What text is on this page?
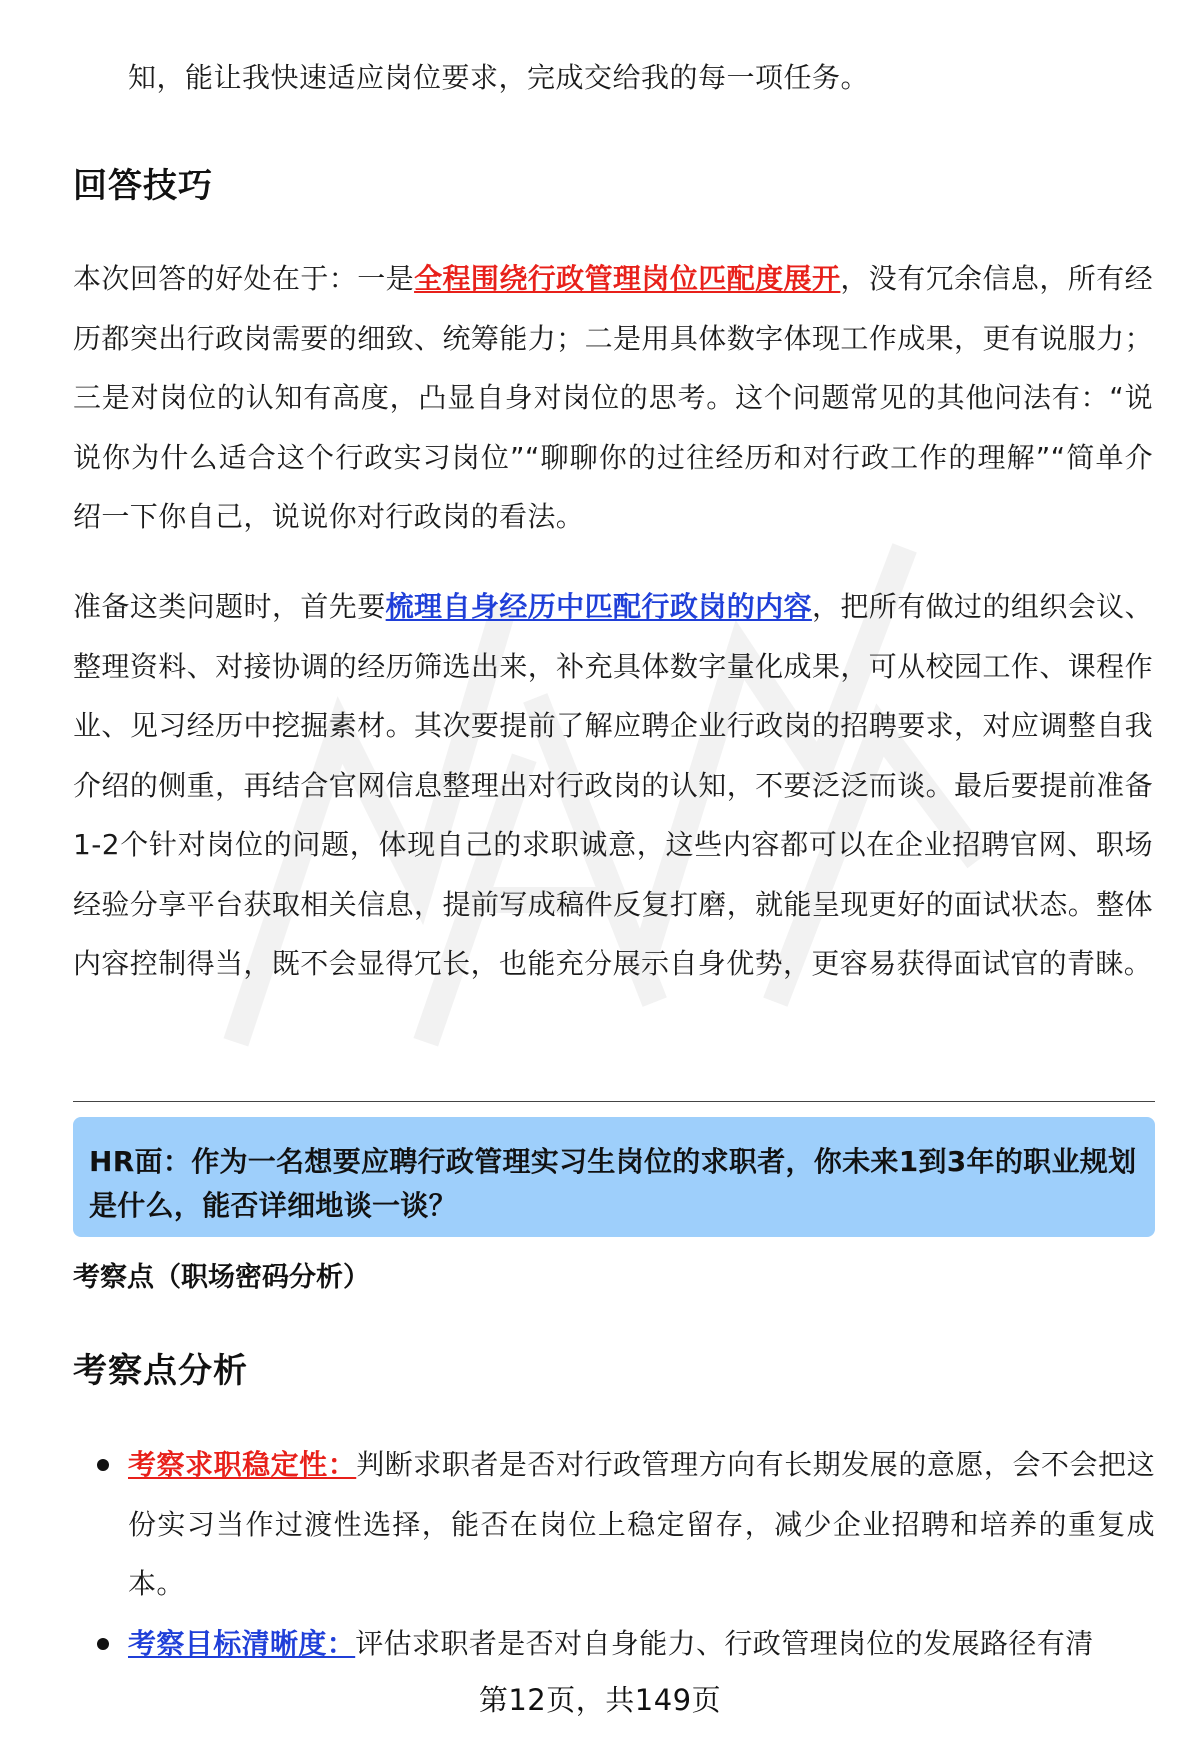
知，能让我快速适应岗位要求，完成交给我的每一项任务。
回答技巧
本次回答的好处在于：一是全程围绕行政管理岗位匹配度展开，没有冗余信息，所有经历都突出行政岗需要的细致、统筹能力；二是用具体数字体现工作成果，更有说服力；三是对岗位的认知有高度，凸显自身对岗位的思考。这个问题常见的其他问法有：“说说你为什么适合这个行政实习岗位”“聊聊你的过往经历和对行政工作的理解”“简单介绍一下你自己，说说你对行政岗的看法。
准备这类问题时，首先要梳理自身经历中匹配行政岗的内容，把所有做过的组织会议、整理资料、对接协调的经历筛选出来，补充具体数字量化成果，可从校园工作、课程作业、见习经历中挖掘素材。其次要提前了解应聘企业行政岗的招聘要求，对应调整自我介绍的侧重，再结合官网信息整理出对行政岗的认知，不要泛泛而谈。最后要提前准备1-2个针对岗位的问题，体现自己的求职诚意，这些内容都可以在企业招聘官网、职场经验分享平台获取相关信息，提前写成稿件反复打磨，就能呈现更好的面试状态。整体内容控制得当，既不会显得冗长，也能充分展示自身优势，更容易获得面试官的青睐。
HR面：作为一名想要应聘行政管理实习生岗位的求职者，你未来1到3年的职业规划是什么，能否详细地谈一谈？
考察点（职场密码分析）
考察点分析
考察求职稳定性：判断求职者是否对行政管理方向有长期发展的意愿，会不会把这份实习当作过渡性选择，能否在岗位上稳定留存，减少企业招聘和培养的重复成本。
考察目标清晰度：评估求职者是否对自身能力、行政管理岗位的发展路径有清
第12页，共149页
